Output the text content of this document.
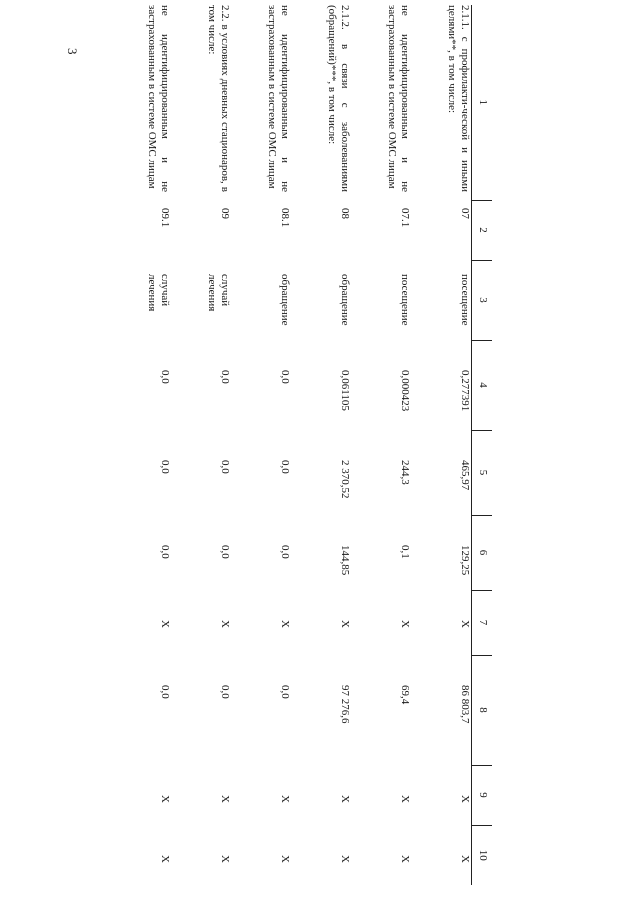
3
1	2	3	4	5	6	7	8	9	10
2.1.1. с профилакти-ческой и иными целями**, в том числе:	07	посещение	0,277391	465,97	129,25	X	86 803,7	X	X
не идентифицированным и не застрахованным в системе ОМС лицам	07.1	посещение	0,000423	244,3	0,1	X	69,4	X	X
2.1.2. в связи с заболеваниями (обращений)***, в том числе:	08	обращение	0,061105	2 370,52	144,85	X	97 276,6	X	X
не идентифицированным и не застрахованным в системе ОМС лицам	08.1	обращение	0,0	0,0	0,0	X	0,0	X	X
2.2. в условиях дневных стационаров, в том числе:	09	случай лечения	0,0	0,0	0,0	X	0,0	X	X
не идентифицированным и не застрахованным в системе ОМС лицам	09.1	случай лечения	0,0	0,0	0,0	X	0,0	X	X
